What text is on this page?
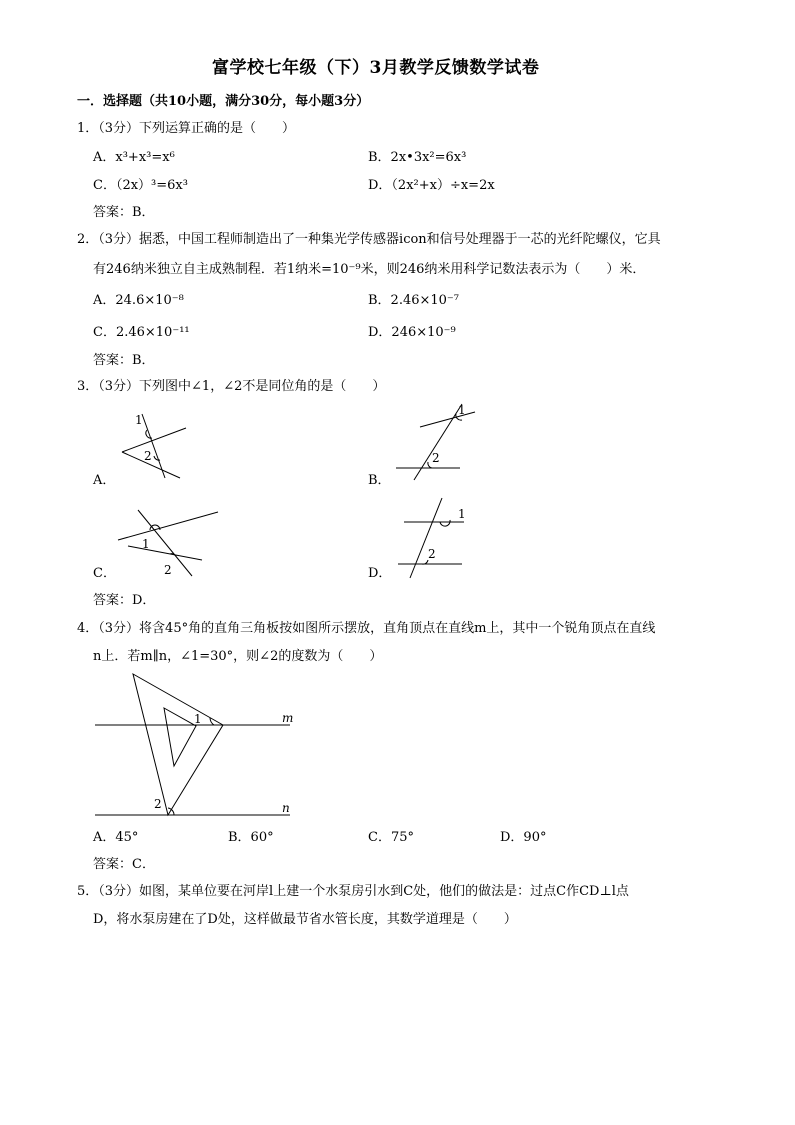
富学校七年级（下）3月教学反馈数学试卷
一．选择题（共10小题，满分30分，每小题3分）
1．（3分）下列运算正确的是（　　）
A．x³+x³=x⁶	B．2x•3x²=6x³
C．（2x）³=6x³	D．（2x²+x）÷x=2x
答案：B．
2．（3分）据悉，中国工程师制造出了一种集光学传感器icon和信号处理器于一芯的光纤陀螺仪，它具
有246纳米独立自主成熟制程．若1纳米=10⁻⁹米，则246纳米用科学记数法表示为（　　）米．
A．24.6×10⁻⁸	B．2.46×10⁻⁷
C．2.46×10⁻¹¹	D．246×10⁻⁹
答案：B．
3．（3分）下列图中∠1，∠2不是同位角的是（　　）
1
2
A．
1
2
B．
1
2
C．
1
2
D．
答案：D．
4．（3分）将含45°角的直角三角板按如图所示摆放，直角顶点在直线m上，其中一个锐角顶点在直线
n上．若m∥n，∠1=30°，则∠2的度数为（　　）
1
2
m
n
A．45°	B．60°	C．75°	D．90°
答案：C．
5．（3分）如图，某单位要在河岸l上建一个水泵房引水到C处，他们的做法是：过点C作CD⊥l点
D，将水泵房建在了D处，这样做最节省水管长度，其数学道理是（　　）
